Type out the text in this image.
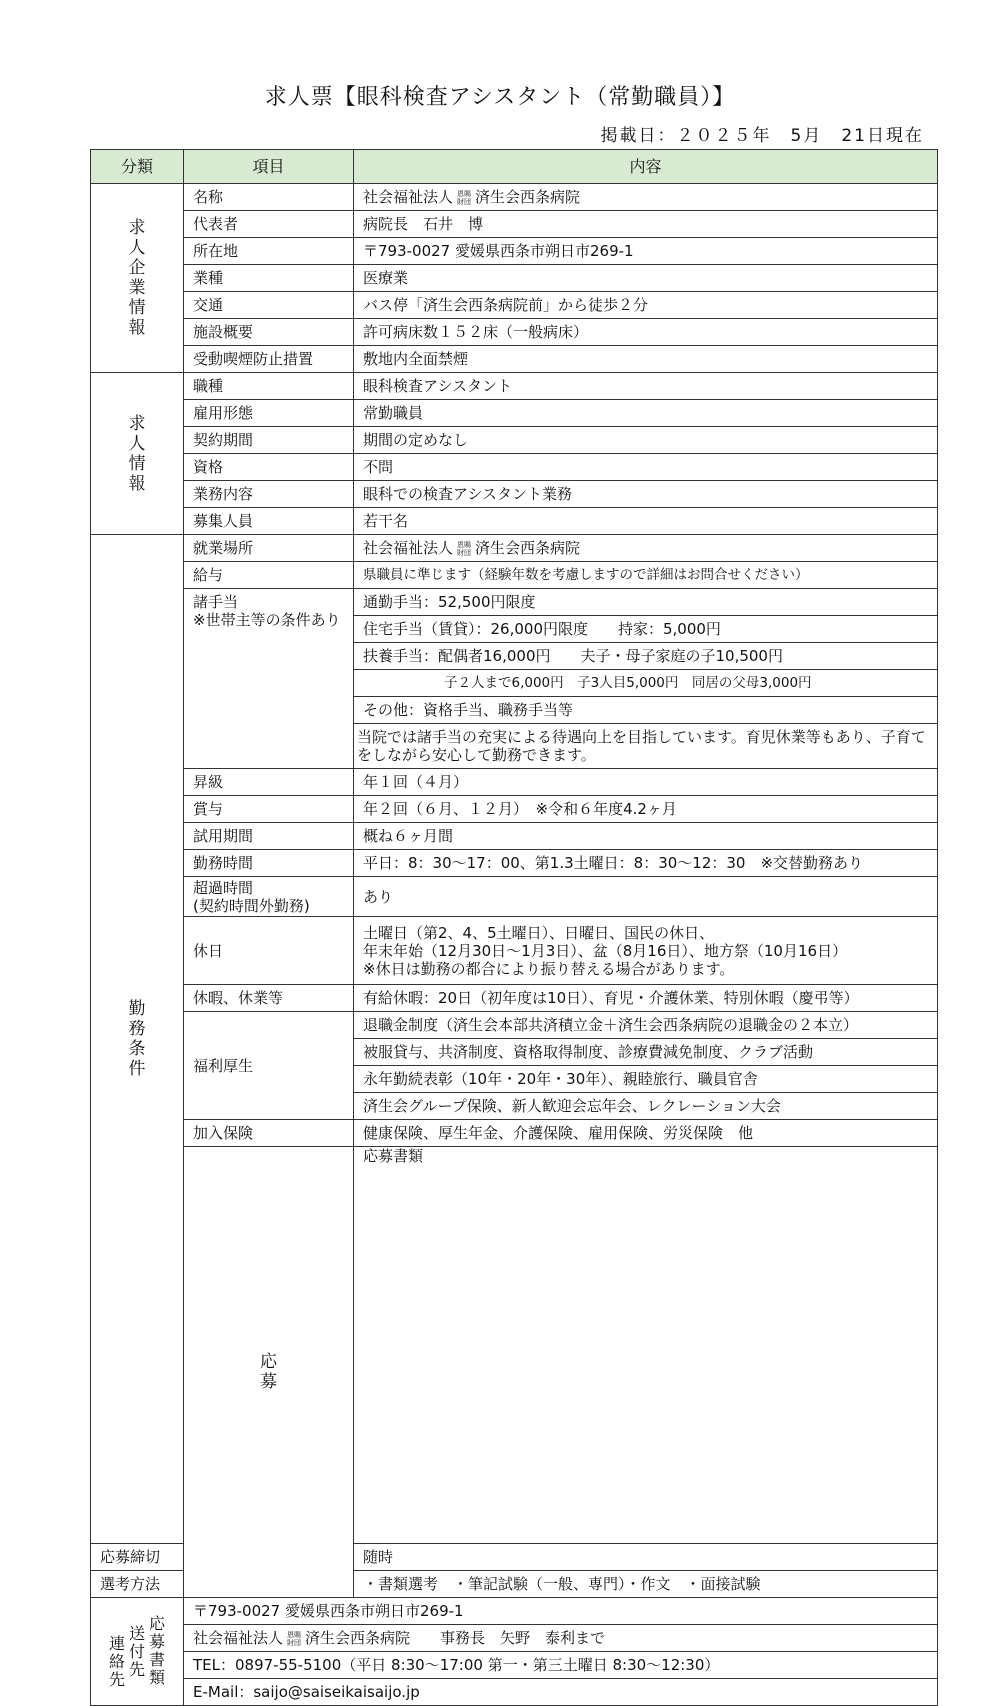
求人票【眼科検査アシスタント（常勤職員）】
掲載日：２０２５年　5月　21日現在
分類	項目	内容	
求人企業情報	名称	社会福祉法人 恩賜
財団 済生会西条病院	
	代表者	病院長　石井　博	
	所在地	〒793-0027 愛媛県西条市朔日市269-1	
	業種	医療業	
	交通	バス停「済生会西条病院前」から徒歩２分	
	施設概要	許可病床数１５２床（一般病床）	
	受動喫煙防止措置	敷地内全面禁煙	
求人情報	職種	眼科検査アシスタント	
	雇用形態	常勤職員	
	契約期間	期間の定めなし	
	資格	不問	
	業務内容	眼科での検査アシスタント業務	
	募集人員	若干名	
勤務条件	就業場所	社会福祉法人 恩賜
財団 済生会西条病院	
	給与	県職員に準じます（経験年数を考慮しますので詳細はお問合せください）	
	諸手当
※世帯主等の条件あり	通勤手当：52,500円限度	
		住宅手当（賃貸）：26,000円限度　　持家：5,000円	
		扶養手当：配偶者16,000円　　夫子・母子家庭の子10,500円	
		子２人まで6,000円　子3人目5,000円　同居の父母3,000円	
		その他：資格手当、職務手当等	
		当院では諸手当の充実による待遇向上を目指しています。育児休業等もあり、子育てをしながら安心して勤務できます。	
	昇級	年１回（４月）	
	賞与	年２回（６月、１２月）　※令和６年度4.2ヶ月	
	試用期間	概ね６ヶ月間	
	勤務時間	平日：8：30～17：00、第1.3土曜日：8：30～12：30　※交替勤務あり	
	超過時間
(契約時間外勤務)	あり	
	休日	土曜日（第2、4、5土曜日）、日曜日、国民の休日、
年末年始（12月30日～1月3日）、盆（8月16日）、地方祭（10月16日）
※休日は勤務の都合により振り替える場合があります。	
	休暇、休業等	有給休暇：20日（初年度は10日）、育児・介護休業、特別休暇（慶弔等）	
	福利厚生	退職金制度（済生会本部共済積立金＋済生会西条病院の退職金の２本立）	
		被服貸与、共済制度、資格取得制度、診療費減免制度、クラブ活動	
		永年勤続表彰（10年・20年・30年）、親睦旅行、職員官舎	
		済生会グループ保険、新人歓迎会忘年会、レクレーション大会	
	加入保険	健康保険、厚生年金、介護保険、雇用保険、労災保険　他	
	応募	応募書類	
応募締切		随時	
選考方法		・書類選考　・筆記試験（一般、専門）・作文　・面接試験	

連絡先
送付先
応募書類	〒793-0027 愛媛県西条市朔日市269-1		
	社会福祉法人 恩賜
財団 済生会西条病院　　事務長　矢野　泰利まで		
	TEL：0897-55-5100（平日 8:30～17:00 第一・第三土曜日 8:30～12:30）		
	E-Mail：saijo@saiseikaisaijo.jp		
